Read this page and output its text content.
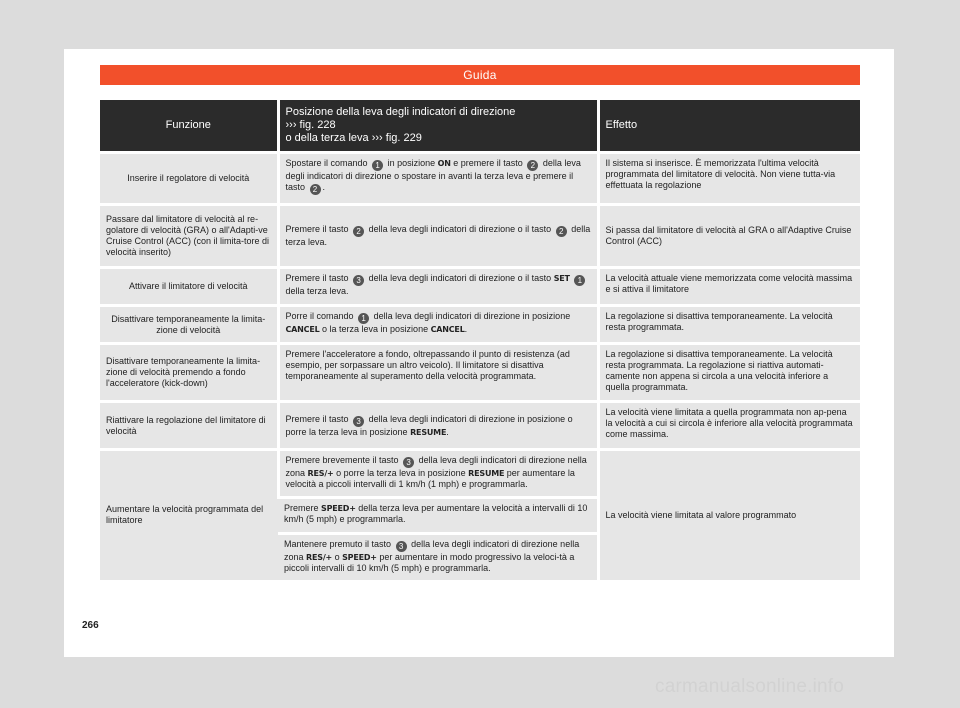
Guida
Funzione	Posizione della leva degli indicatori di direzione
››› fig. 228
o della terza leva ››› fig. 229	Effetto
Inserire il regolatore di velocità	Spostare il comando 1 in posizione ON e premere il tasto 2 della leva degli indicatori di direzione o spostare in avanti la terza leva e premere il tasto 2 .	Il sistema si inserisce. È memorizzata l'ultima velocità programmata del limitatore di velocità. Non viene tutta-via effettuata la regolazione
Passare dal limitatore di velocità al re-golatore di velocità (GRA) o all'Adapti-ve Cruise Control (ACC) (con il limita-tore di velocità inserito)	Premere il tasto 2 della leva degli indicatori di direzione o il tasto 2 della terza leva.	Si passa dal limitatore di velocità al GRA o all'Adaptive Cruise Control (ACC)
Attivare il limitatore di velocità	Premere il tasto 3 della leva degli indicatori di direzione o il tasto SET 1 della terza leva.	La velocità attuale viene memorizzata come velocità massima e si attiva il limitatore
Disattivare temporaneamente la limita-zione di velocità	Porre il comando 1 della leva degli indicatori di direzione in posizione CANCEL o la terza leva in posizione CANCEL.	La regolazione si disattiva temporaneamente. La velocità resta programmata.
Disattivare temporaneamente la limita-zione di velocità premendo a fondo l'acceleratore (kick-down)	Premere l'acceleratore a fondo, oltrepassando il punto di resistenza (ad esempio, per sorpassare un altro veicolo). Il limitatore si disattiva temporaneamente al superamento della velocità programmata.	La regolazione si disattiva temporaneamente. La velocità resta programmata. La regolazione si riattiva automati-camente non appena si circola a una velocità inferiore a quella programmata.
Riattivare la regolazione del limitatore di velocità	Premere il tasto 3 della leva degli indicatori di direzione in posizione o porre la terza leva in posizione RESUME.	La velocità viene limitata a quella programmata non ap-pena la velocità a cui si circola è inferiore alla velocità programmata come massima.
Aumentare la velocità programmata del limitatore	Premere brevemente il tasto 3 della leva degli indicatori di direzione nella zona RES/+ o porre la terza leva in posizione RESUME per aumentare la velocità a piccoli intervalli di 1 km/h (1 mph) e programmarla.	La velocità viene limitata al valore programmato
	Premere SPEED+ della terza leva per aumentare la velocità a intervalli di 10 km/h (5 mph) e programmarla.	
	Mantenere premuto il tasto 3 della leva degli indicatori di direzione nella zona RES/+ o SPEED+ per aumentare in modo progressivo la veloci-tà a piccoli intervalli di 10 km/h (5 mph) e programmarla.	
266
carmanualsonline.info
